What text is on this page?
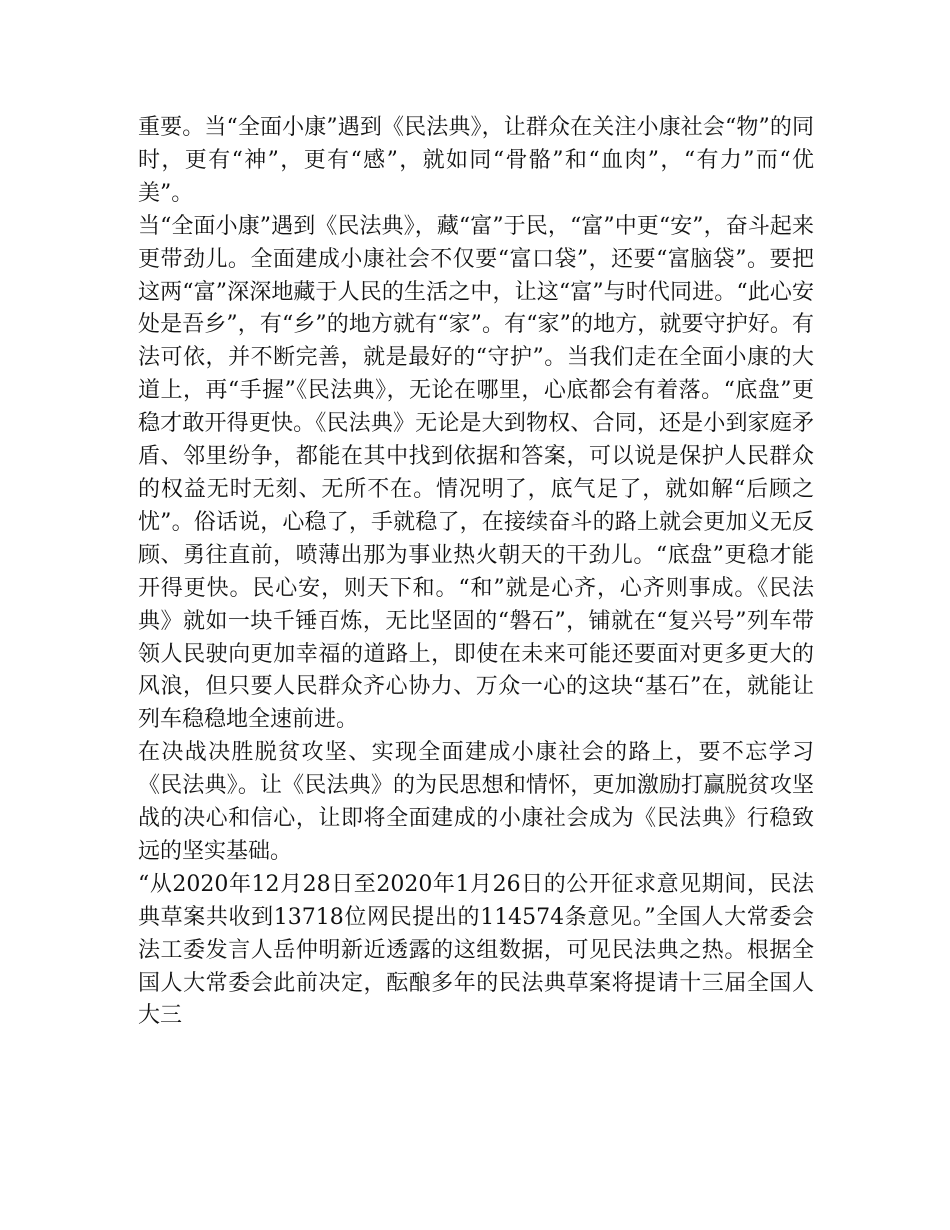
重要。当“全面小康”遇到《民法典》，让群众在关注小康社会“物”的同时，更有“神”，更有“感”，就如同“骨骼”和“血肉”，“有力”而“优美”。

当“全面小康”遇到《民法典》，藏“富”于民，“富”中更“安”，奋斗起来更带劲儿。全面建成小康社会不仅要“富口袋”，还要“富脑袋”。要把这两“富”深深地藏于人民的生活之中，让这“富”与时代同进。“此心安处是吾乡”，有“乡”的地方就有“家”。有“家”的地方，就要守护好。有法可依，并不断完善，就是最好的“守护”。当我们走在全面小康的大道上，再“手握”《民法典》，无论在哪里，心底都会有着落。“底盘”更稳才敢开得更快。《民法典》无论是大到物权、合同，还是小到家庭矛盾、邻里纷争，都能在其中找到依据和答案，可以说是保护人民群众的权益无时无刻、无所不在。情况明了，底气足了，就如解“后顾之忧”。俗话说，心稳了，手就稳了，在接续奋斗的路上就会更加义无反顾、勇往直前，喷薄出那为事业热火朝天的干劲儿。“底盘”更稳才能开得更快。民心安，则天下和。“和”就是心齐，心齐则事成。《民法典》就如一块千锤百炼，无比坚固的“磐石”，铺就在“复兴号”列车带领人民驶向更加幸福的道路上，即使在未来可能还要面对更多更大的风浪，但只要人民群众齐心协力、万众一心的这块“基石”在，就能让列车稳稳地全速前进。

在决战决胜脱贫攻坚、实现全面建成小康社会的路上，要不忘学习《民法典》。让《民法典》的为民思想和情怀，更加激励打赢脱贫攻坚战的决心和信心，让即将全面建成的小康社会成为《民法典》行稳致远的坚实基础。

“从2020年12月28日至2020年1月26日的公开征求意见期间，民法典草案共收到13718位网民提出的114574条意见。”全国人大常委会法工委发言人岳仲明新近透露的这组数据，可见民法典之热。根据全国人大常委会此前决定，酝酿多年的民法典草案将提请十三届全国人大三
